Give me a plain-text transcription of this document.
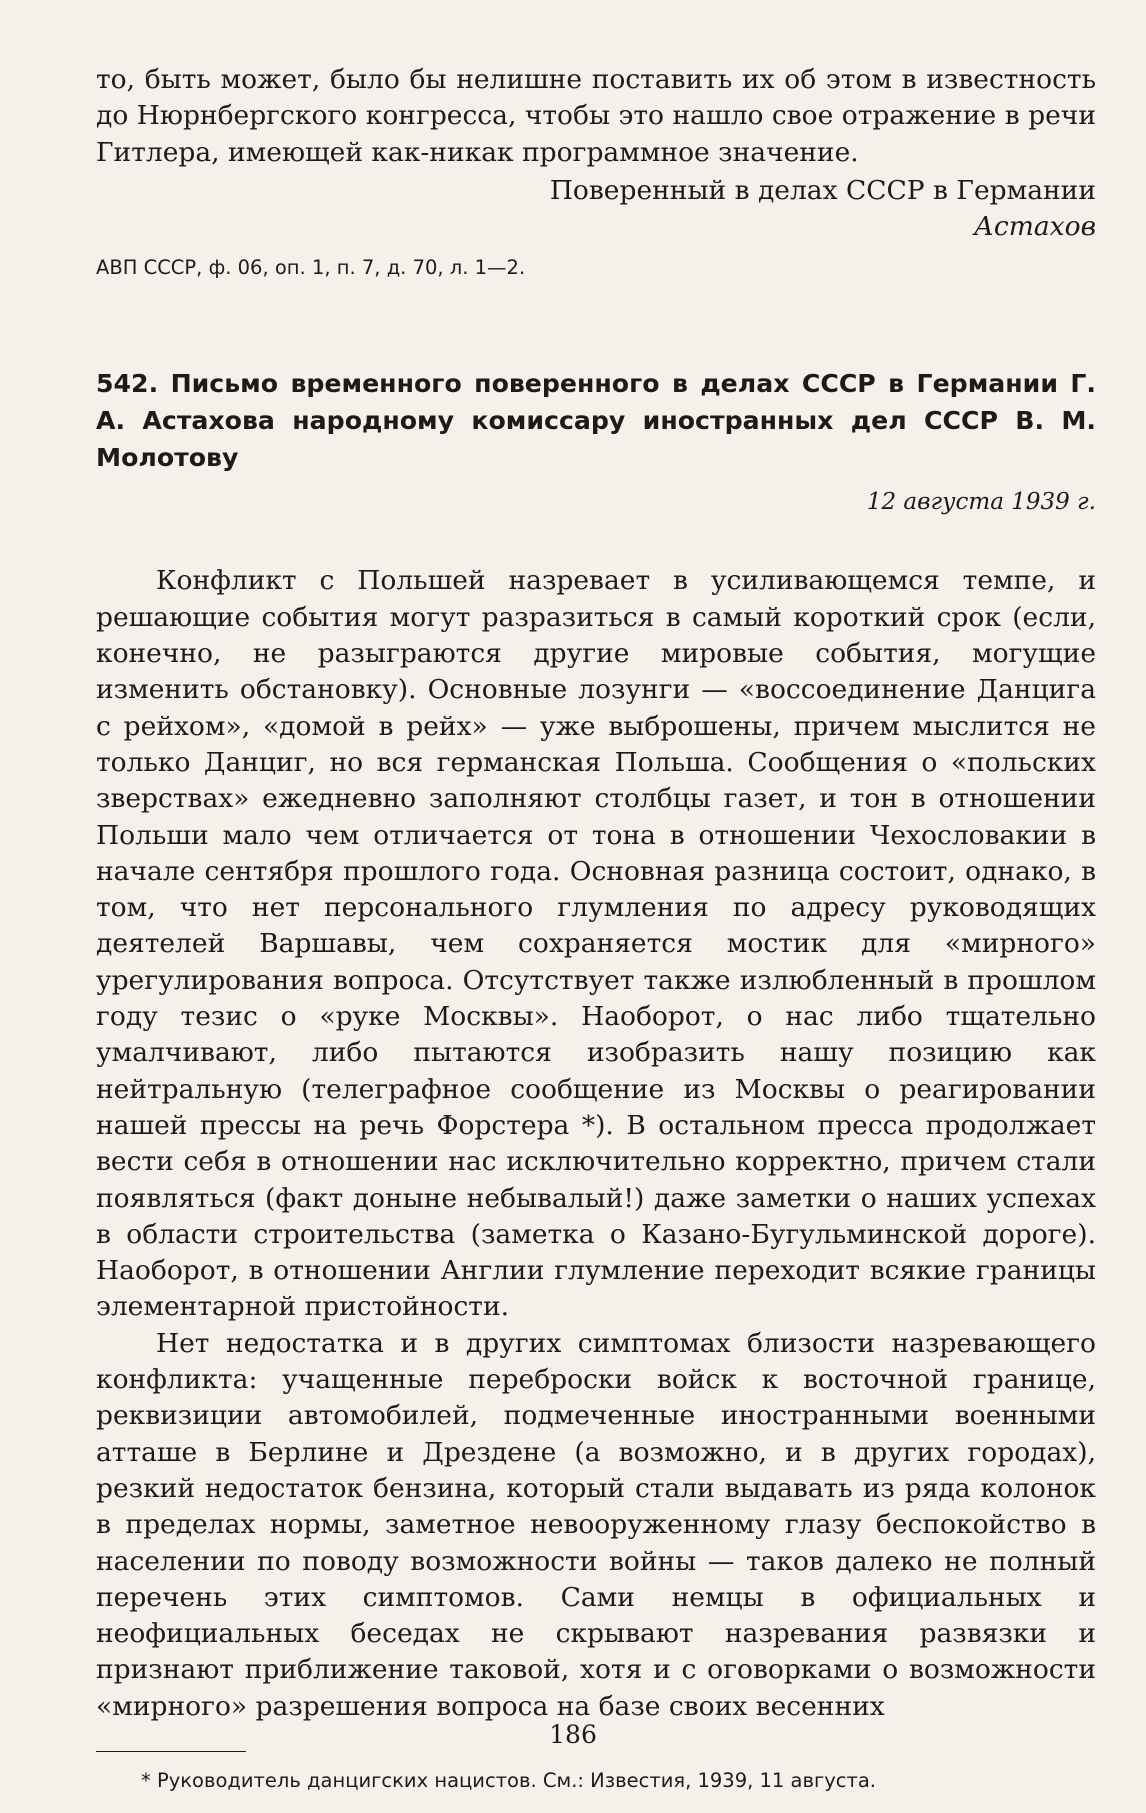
то, быть может, было бы нелишне поставить их об этом в известность до Нюрнбергского конгресса, чтобы это нашло свое отражение в речи Гитлера, имеющей как-никак программное значение.

Поверенный в делах СССР в Германии

Астахов

АВП СССР, ф. 06, оп. 1, п. 7, д. 70, л. 1—2.

542. Письмо временного поверенного в делах СССР в Германии Г. А. Астахова народному комиссару иностранных дел СССР В. М. Молотову

12 августа 1939 г.

Конфликт с Польшей назревает в усиливающемся темпе, и решающие события могут разразиться в самый короткий срок (если, конечно, не разыграются другие мировые события, могущие изменить обстановку). Основные лозунги — «воссоединение Данцига с рейхом», «домой в рейх» — уже выброшены, причем мыслится не только Данциг, но вся германская Польша. Сообщения о «польских зверствах» ежедневно заполняют столбцы газет, и тон в отношении Польши мало чем отличается от тона в отношении Чехословакии в начале сентября прошлого года. Основная разница состоит, однако, в том, что нет персонального глумления по адресу руководящих деятелей Варшавы, чем сохраняется мостик для «мирного» урегулирования вопроса. Отсутствует также излюбленный в прошлом году тезис о «руке Москвы». Наоборот, о нас либо тщательно умалчивают, либо пытаются изобразить нашу позицию как нейтральную (телеграфное сообщение из Москвы о реагировании нашей прессы на речь Форстера *). В остальном пресса продолжает вести себя в отношении нас исключительно корректно, причем стали появляться (факт доныне небывалый!) даже заметки о наших успехах в области строительства (заметка о Казано-Бугульминской дороге). Наоборот, в отношении Англии глумление переходит всякие границы элементарной пристойности.

Нет недостатка и в других симптомах близости назревающего конфликта: учащенные переброски войск к восточной границе, реквизиции автомобилей, подмеченные иностранными военными атташе в Берлине и Дрездене (а возможно, и в других городах), резкий недостаток бензина, который стали выдавать из ряда колонок в пределах нормы, заметное невооруженному глазу беспокойство в населении по поводу возможности войны — таков далеко не полный перечень этих симптомов. Сами немцы в официальных и неофициальных беседах не скрывают назревания развязки и признают приближение таковой, хотя и с оговорками о возможности «мирного» разрешения вопроса на базе своих весенних

* Руководитель данцигских нацистов. См.: Известия, 1939, 11 августа.

186
